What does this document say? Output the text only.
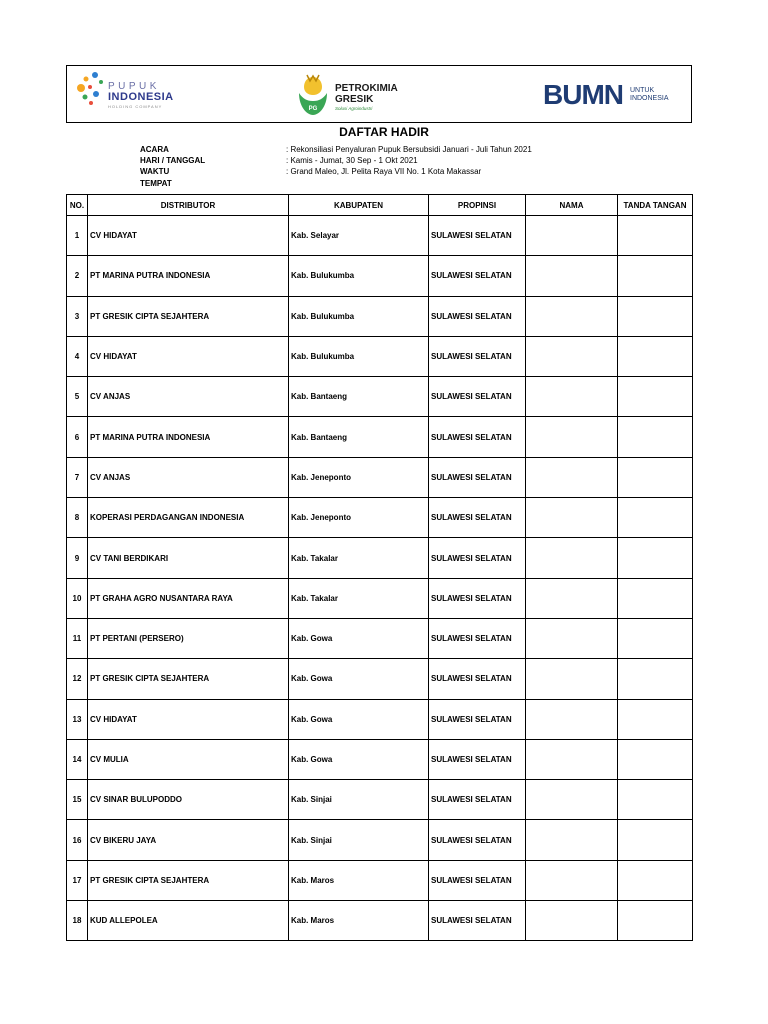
PUPUK
INDONESIA
HOLDING COMPANY	PG
PETROKIMIA
GRESIK
Solusi Agroindustri	BUMN UNTUK
INDONESIA
DAFTAR HADIR
ACARA	: Rekonsiliasi Penyaluran Pupuk Bersubsidi Januari - Juli Tahun 2021
HARI / TANGGAL	: Kamis - Jumat, 30 Sep - 1 Okt 2021
WAKTU	: Grand Maleo, Jl. Pelita Raya VII No. 1 Kota Makassar
TEMPAT
NO.	DISTRIBUTOR	KABUPATEN	PROPINSI	NAMA	TANDA TANGAN
1	CV HIDAYAT	Kab. Selayar	SULAWESI SELATAN		
2	PT MARINA PUTRA INDONESIA	Kab. Bulukumba	SULAWESI SELATAN		
3	PT GRESIK CIPTA SEJAHTERA	Kab. Bulukumba	SULAWESI SELATAN		
4	CV HIDAYAT	Kab. Bulukumba	SULAWESI SELATAN		
5	CV ANJAS	Kab. Bantaeng	SULAWESI SELATAN		
6	PT MARINA PUTRA INDONESIA	Kab. Bantaeng	SULAWESI SELATAN		
7	CV ANJAS	Kab. Jeneponto	SULAWESI SELATAN		
8	KOPERASI PERDAGANGAN INDONESIA	Kab. Jeneponto	SULAWESI SELATAN		
9	CV TANI BERDIKARI	Kab. Takalar	SULAWESI SELATAN		
10	PT GRAHA AGRO NUSANTARA RAYA	Kab. Takalar	SULAWESI SELATAN		
11	PT PERTANI (PERSERO)	Kab. Gowa	SULAWESI SELATAN		
12	PT GRESIK CIPTA SEJAHTERA	Kab. Gowa	SULAWESI SELATAN		
13	CV HIDAYAT	Kab. Gowa	SULAWESI SELATAN		
14	CV MULIA	Kab. Gowa	SULAWESI SELATAN		
15	CV SINAR BULUPODDO	Kab. Sinjai	SULAWESI SELATAN		
16	CV BIKERU JAYA	Kab. Sinjai	SULAWESI SELATAN		
17	PT GRESIK CIPTA SEJAHTERA	Kab. Maros	SULAWESI SELATAN		
18	KUD ALLEPOLEA	Kab. Maros	SULAWESI SELATAN		
